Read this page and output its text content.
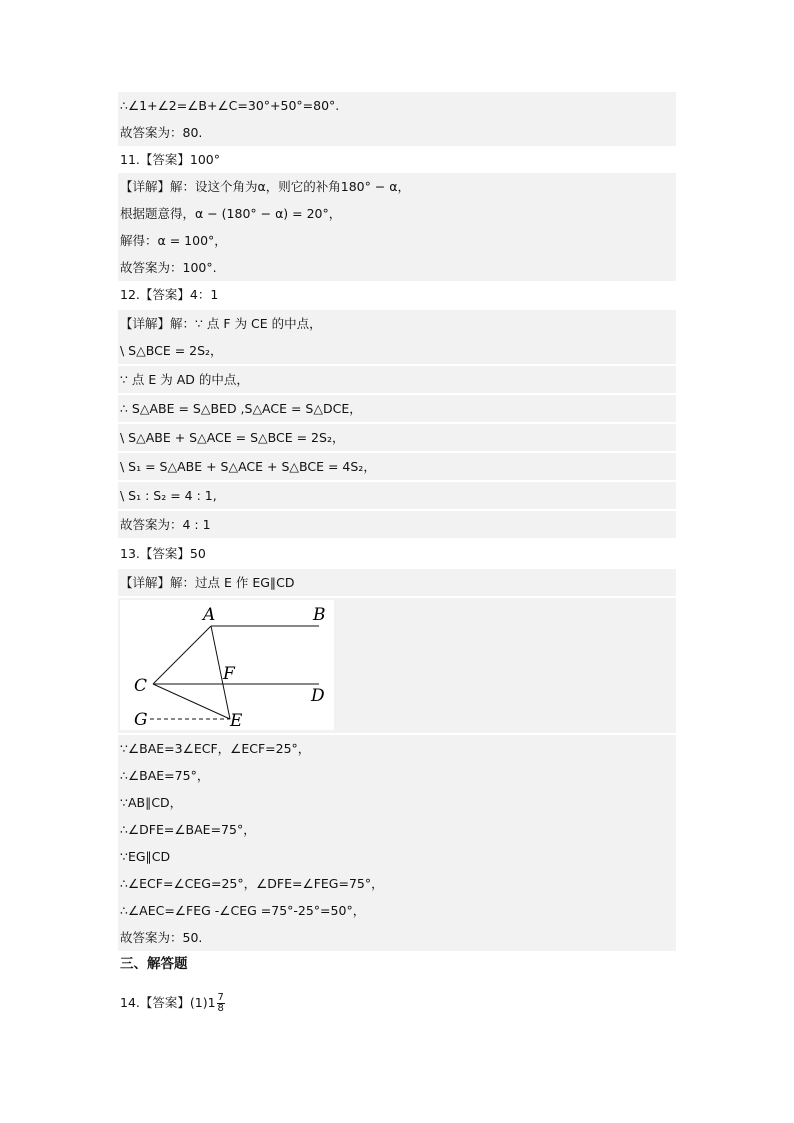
∴∠1+∠2=∠B+∠C=30°+50°=80°.
故答案为：80.
11.【答案】100°
【详解】解：设这个角为α，则它的补角180° − α，
根据题意得，α − (180° − α) = 20°，
解得：α = 100°，
故答案为：100°.
12.【答案】4：1
【详解】解：∵ 点 F 为 CE 的中点，
\ S△BCE = 2S₂，
∵ 点 E 为 AD 的中点，
∴ S△ABE = S△BED ,S△ACE = S△DCE，
\ S△ABE + S△ACE = S△BCE = 2S₂，
\ S₁ = S△ABE + S△ACE + S△BCE = 4S₂，
\ S₁ : S₂ = 4 : 1,
故答案为：4 : 1
13.【答案】50
【详解】解：过点 E 作 EG∥CD
A	B
C	D
F
G	E
∵∠BAE=3∠ECF，∠ECF=25°，
∴∠BAE=75°，
∵AB∥CD，
∴∠DFE=∠BAE=75°，
∵EG∥CD
∴∠ECF=∠CEG=25°，∠DFE=∠FEG=75°，
∴∠AEC=∠FEG -∠CEG =75°-25°=50°，
故答案为：50.
三、解答题
14.【答案】$(1)1 \frac{7}{8}$
